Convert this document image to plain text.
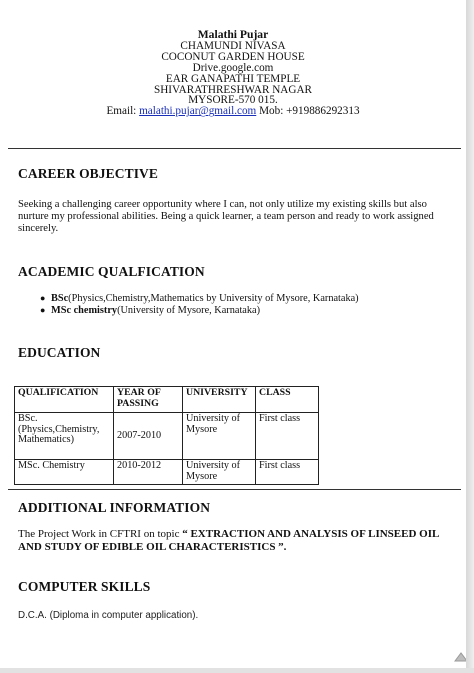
Malathi Pujar
CHAMUNDI NIVASA
COCONUT GARDEN HOUSE
Drive.google.com
EAR GANAPATHI TEMPLE
SHIVARATHRESHWAR NAGAR
MYSORE-570 015.
Email: malathi.pujar@gmail.com Mob: +919886292313
CAREER OBJECTIVE
Seeking a challenging career opportunity where I can, not only utilize my existing skills but also nurture my professional abilities. Being a quick learner, a team person and ready to work assigned sincerely.
ACADEMIC QUALFICATION
● BSc(Physics,Chemistry,Mathematics by University of Mysore, Karnataka)
● MSc chemistry(University of Mysore, Karnataka)
EDUCATION
QUALIFICATION	YEAR OF PASSING	UNIVERSITY	CLASS
BSc. (Physics,Chemistry, Mathematics)	2007-2010	University of Mysore	First class
MSc. Chemistry	2010-2012	University of Mysore	First class
ADDITIONAL INFORMATION
The Project Work in CFTRI on topic “ EXTRACTION AND ANALYSIS OF LINSEED OIL AND STUDY OF EDIBLE OIL CHARACTERISTICS ”.
COMPUTER SKILLS
D.C.A. (Diploma in computer application).
